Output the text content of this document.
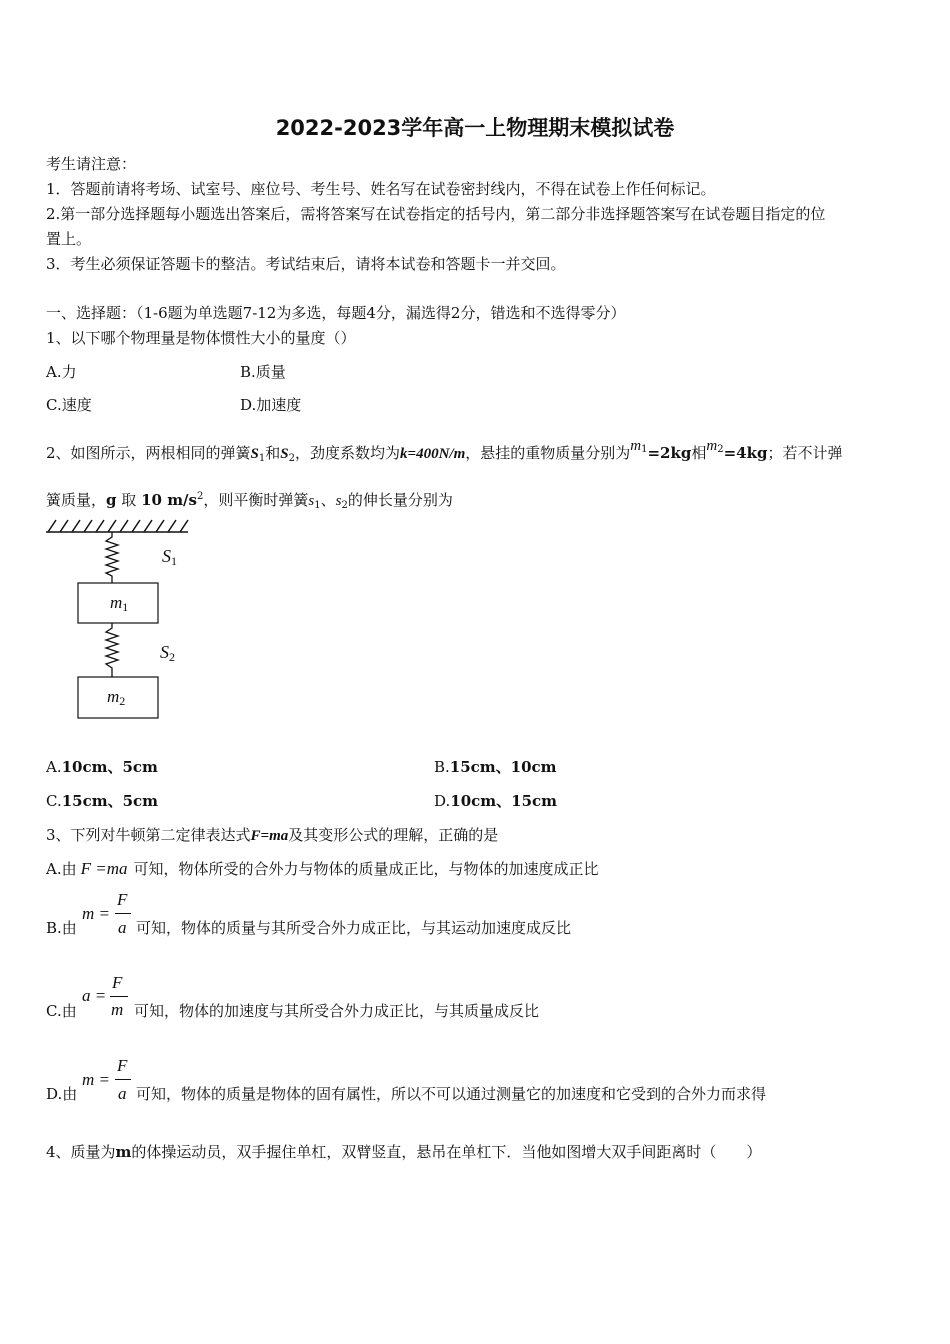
2022-2023学年高一上物理期末模拟试卷
考生请注意：
1．答题前请将考场、试室号、座位号、考生号、姓名写在试卷密封线内，不得在试卷上作任何标记。
2.第一部分选择题每小题选出答案后，需将答案写在试卷指定的括号内，第二部分非选择题答案写在试卷题目指定的位
置上。
3．考生必须保证答题卡的整洁。考试结束后，请将本试卷和答题卡一并交回。
一、选择题：（1-6题为单选题7-12为多选，每题4分，漏选得2分，错选和不选得零分）
1、以下哪个物理量是物体惯性大小的量度（）
A.力	B.质量
C.速度	D.加速度
2、如图所示，两根相同的弹簧$S_1$和$S_2$，劲度系数均为k=400N/m，悬挂的重物质量分别为$m^1=2kg$相$m^2=4kg$；若不计弹
簧质量，g 取 10 $m/s^2$，则平衡时弹簧$s_1$、$s_2$的伸长量分别为
S1
m1
S2
m2
A.10cm、5cm	B.15cm、10cm
C.15cm、5cm	D.10cm、15cm
3、下列对牛顿第二定律表达式F=ma及其变形公式的理解，正确的是
A.由 F =ma 可知，物体所受的合外力与物体的质量成正比，与物体的加速度成正比
B.由
m =
F
a 可知，物体的质量与其所受合外力成正比，与其运动加速度成反比
C.由
a =
F
m 可知，物体的加速度与其所受合外力成正比，与其质量成反比
D.由
m =
F
a 可知，物体的质量是物体的固有属性，所以不可以通过测量它的加速度和它受到的合外力而求得
4、质量为m的体操运动员，双手握住单杠，双臂竖直，悬吊在单杠下．当他如图增大双手间距离时（　　）
